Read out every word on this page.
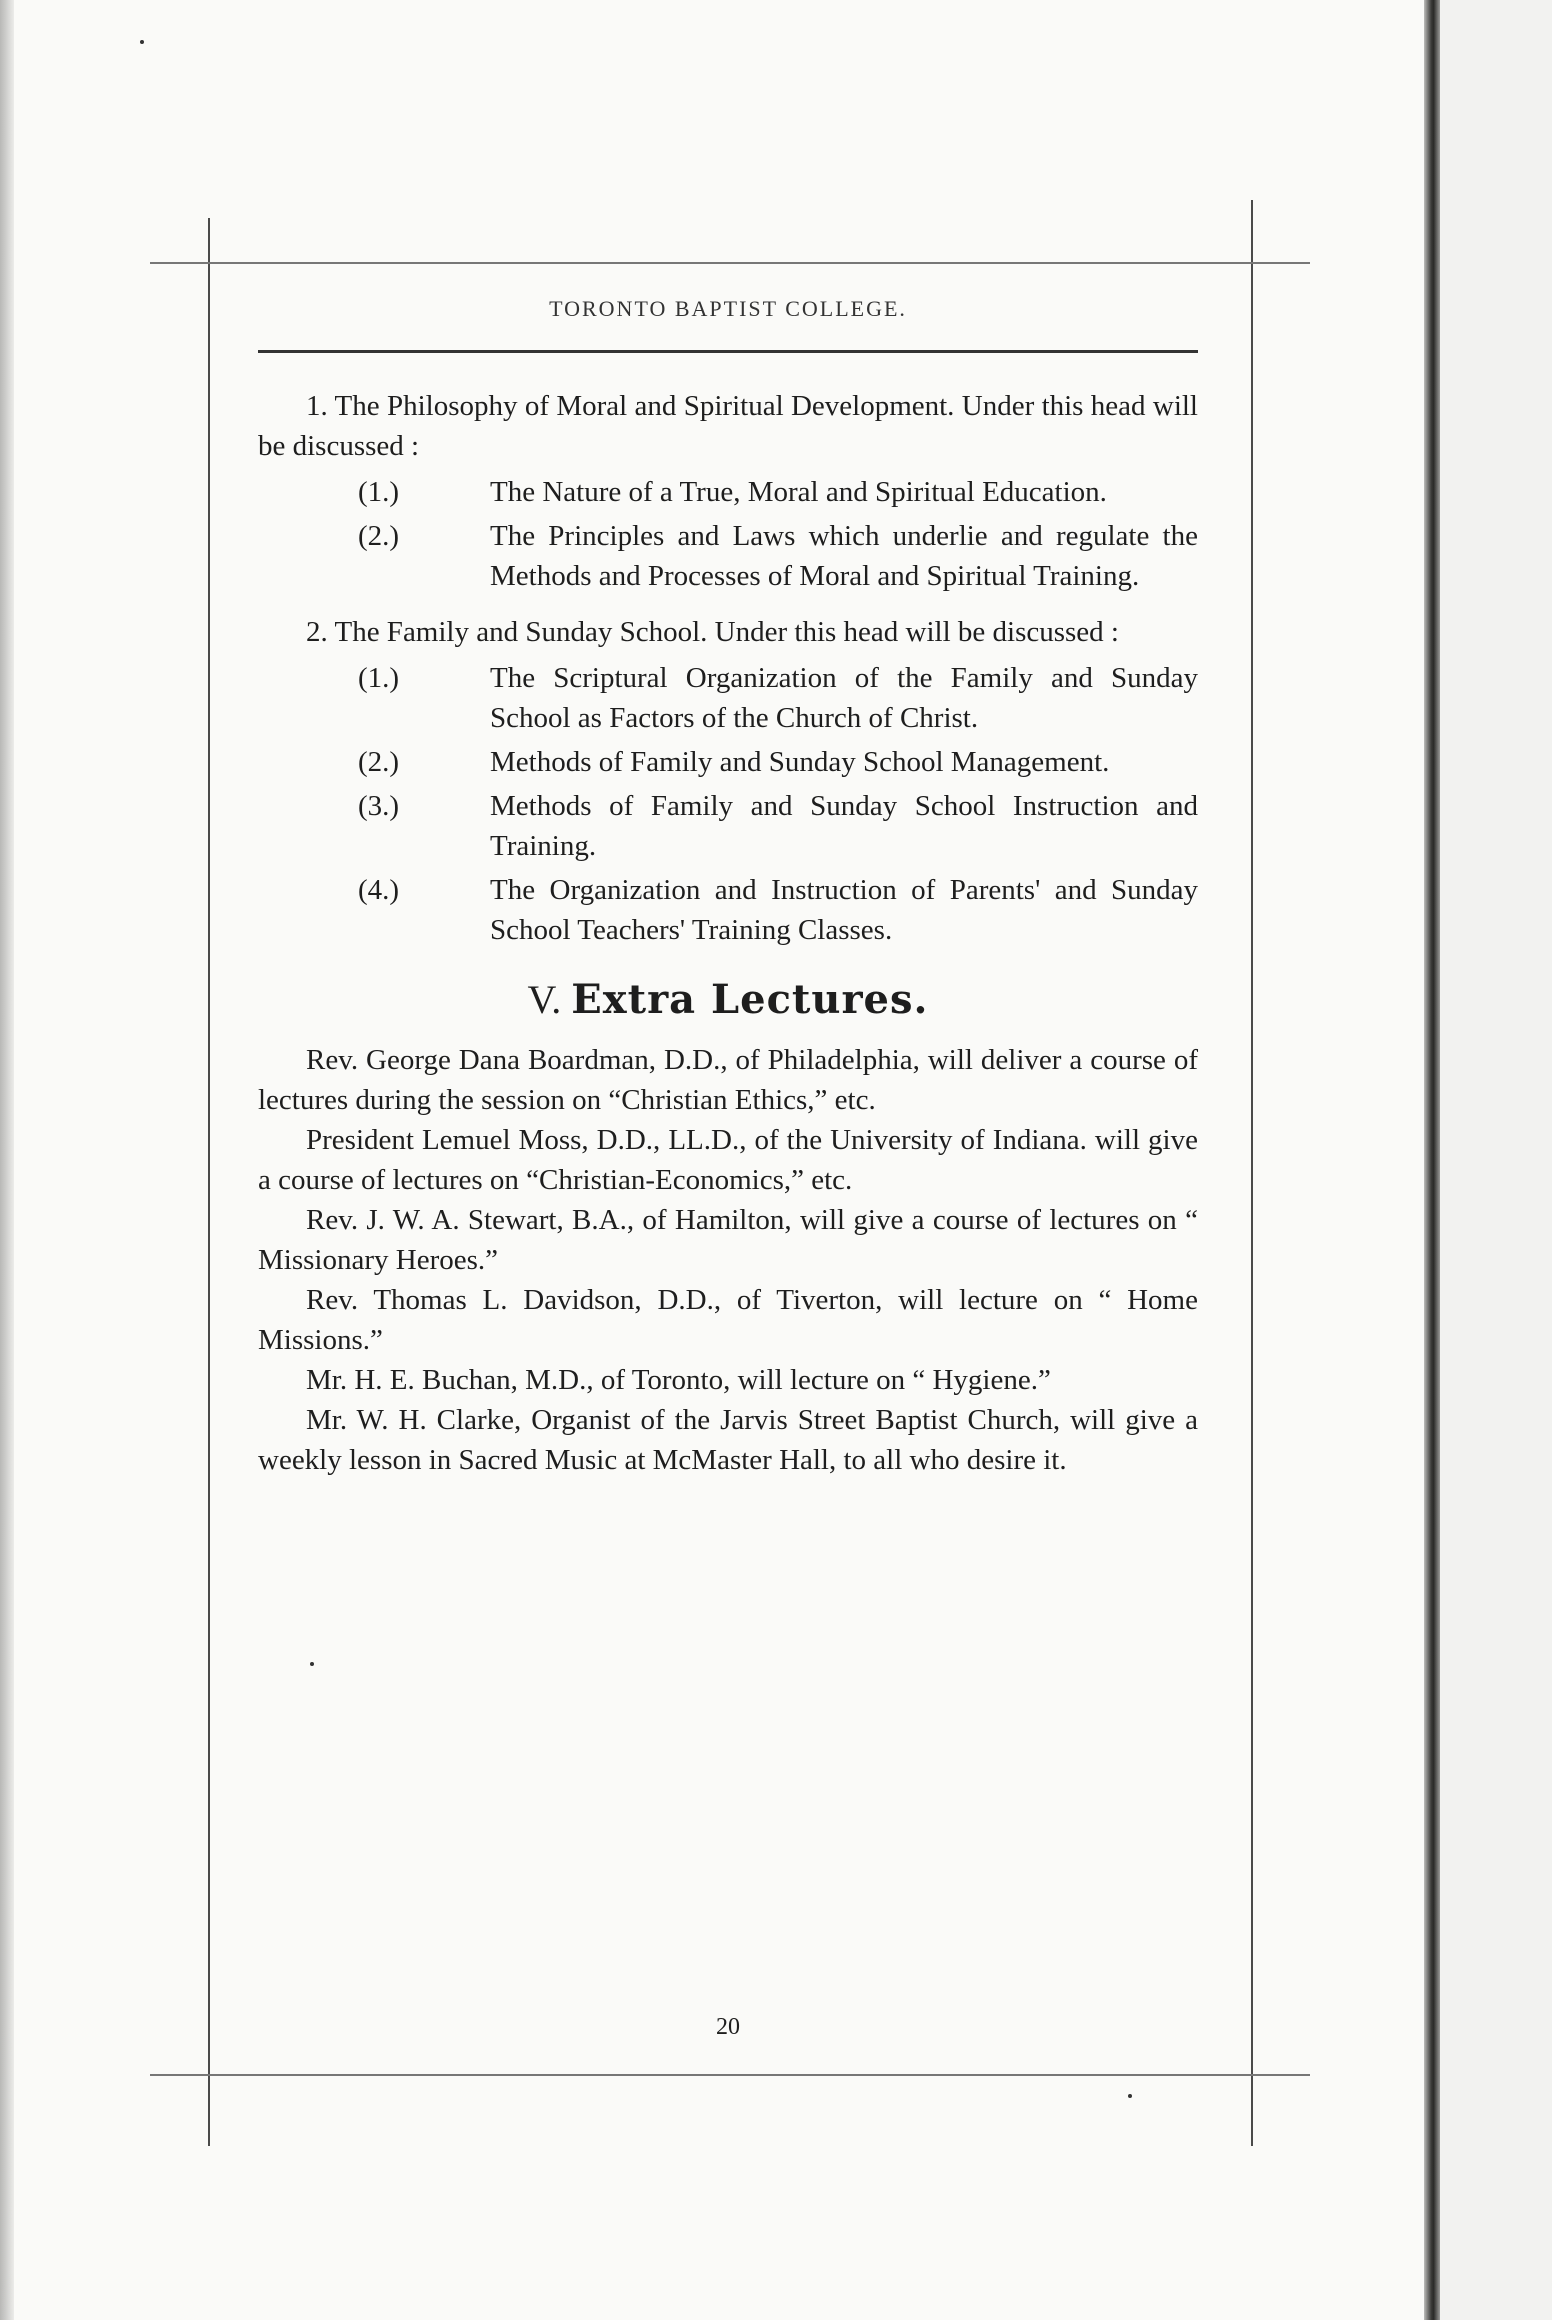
TORONTO BAPTIST COLLEGE.

1. The Philosophy of Moral and Spiritual Development. Under this head will be discussed :

(1.)	The Nature of a True, Moral and Spiritual Education.

(2.)	The Principles and Laws which underlie and regulate the Methods and Processes of Moral and Spiritual Training.

2. The Family and Sunday School. Under this head will be discussed :

(1.)	The Scriptural Organization of the Family and Sunday School as Factors of the Church of Christ.

(2.)	Methods of Family and Sunday School Management.

(3.)	Methods of Family and Sunday School Instruction and Training.

(4.)	The Organization and Instruction of Parents' and Sunday School Teachers' Training Classes.

V. Extra Lectures.

Rev. George Dana Boardman, D.D., of Philadelphia, will deliver a course of lectures during the session on “Christian Ethics,” etc.

President Lemuel Moss, D.D., LL.D., of the University of Indiana. will give a course of lectures on “Christian-Economics,” etc.

Rev. J. W. A. Stewart, B.A., of Hamilton, will give a course of lectures on “ Missionary Heroes.”

Rev. Thomas L. Davidson, D.D., of Tiverton, will lecture on “ Home Missions.”

Mr. H. E. Buchan, M.D., of Toronto, will lecture on “ Hygiene.”

Mr. W. H. Clarke, Organist of the Jarvis Street Baptist Church, will give a weekly lesson in Sacred Music at McMaster Hall, to all who desire it.

20
